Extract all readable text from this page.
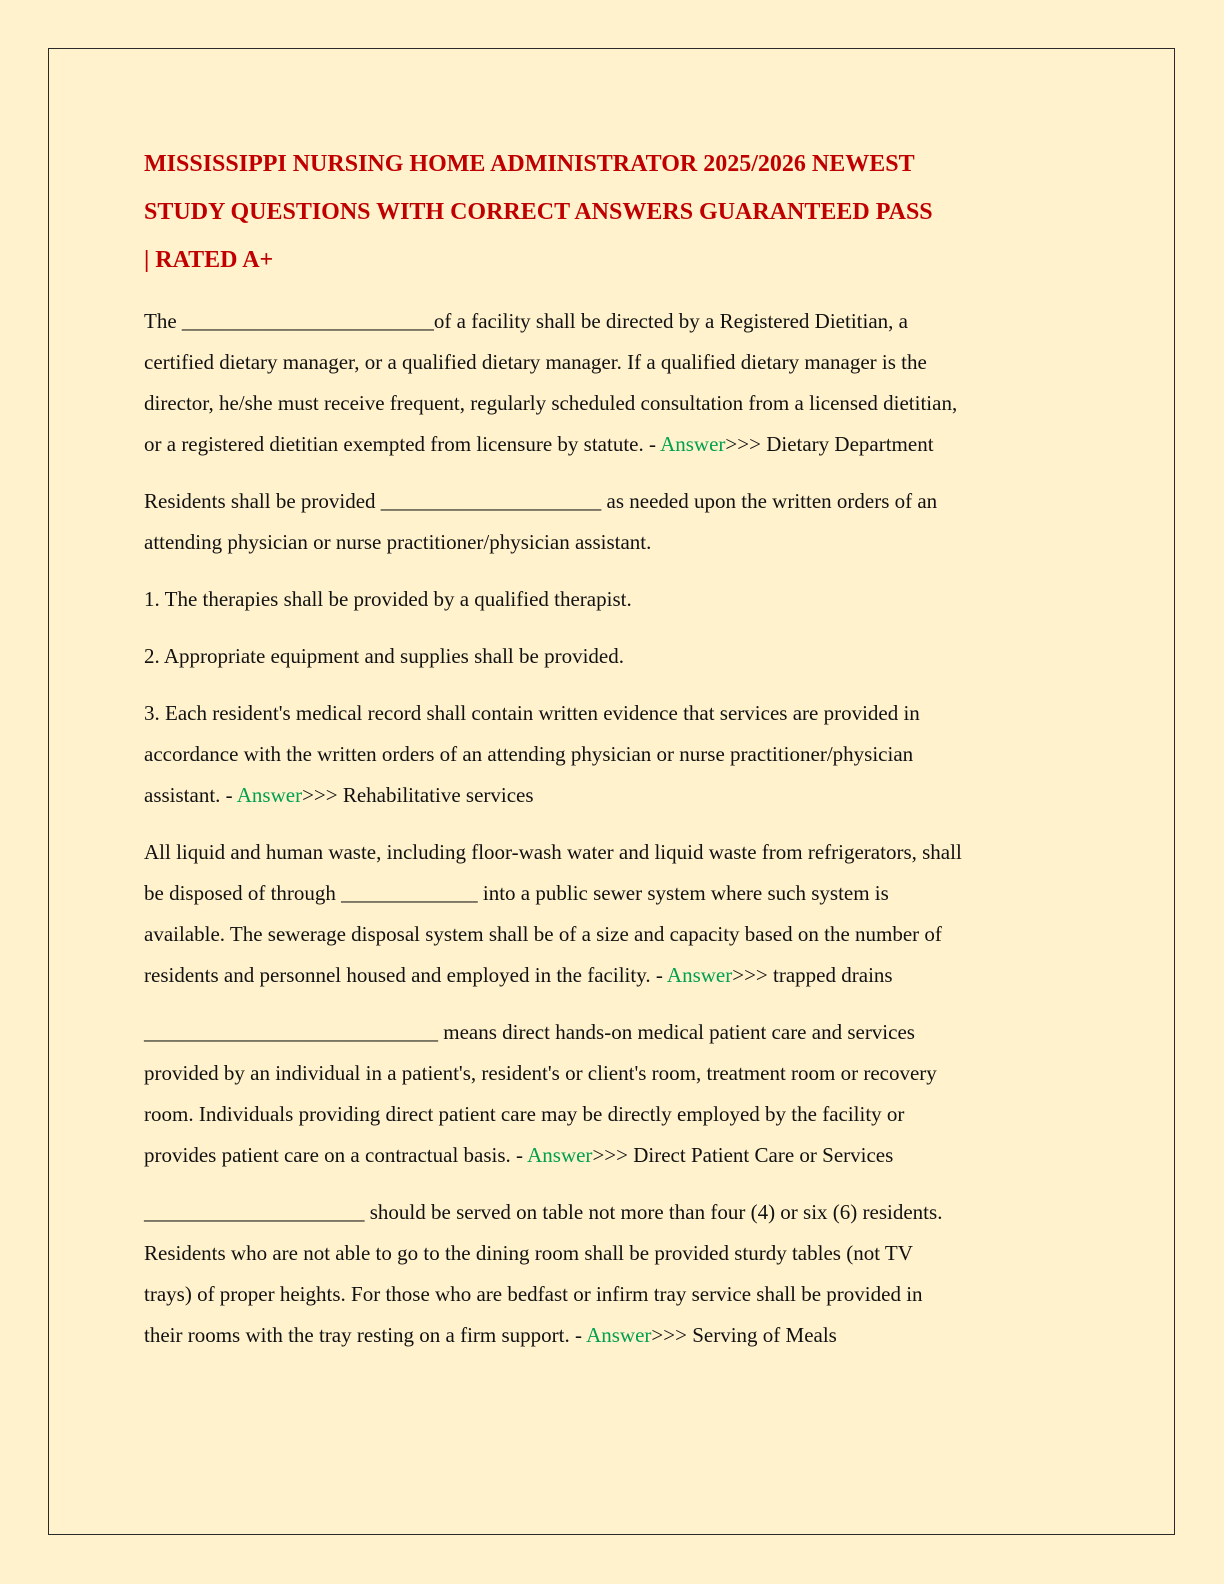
MISSISSIPPI NURSING HOME ADMINISTRATOR 2025/2026 NEWEST
STUDY QUESTIONS WITH CORRECT ANSWERS GUARANTEED PASS
| RATED A+

The ________________________of a facility shall be directed by a Registered Dietitian, a
certified dietary manager, or a qualified dietary manager. If a qualified dietary manager is the
director, he/she must receive frequent, regularly scheduled consultation from a licensed dietitian,
or a registered dietitian exempted from licensure by statute. - Answer>>> Dietary Department

Residents shall be provided _____________________ as needed upon the written orders of an
attending physician or nurse practitioner/physician assistant.

1. The therapies shall be provided by a qualified therapist.

2. Appropriate equipment and supplies shall be provided.

3. Each resident's medical record shall contain written evidence that services are provided in
accordance with the written orders of an attending physician or nurse practitioner/physician
assistant. - Answer>>> Rehabilitative services

All liquid and human waste, including floor-wash water and liquid waste from refrigerators, shall
be disposed of through _____________ into a public sewer system where such system is
available. The sewerage disposal system shall be of a size and capacity based on the number of
residents and personnel housed and employed in the facility. - Answer>>> trapped drains

____________________________ means direct hands-on medical patient care and services
provided by an individual in a patient's, resident's or client's room, treatment room or recovery
room. Individuals providing direct patient care may be directly employed by the facility or
provides patient care on a contractual basis. - Answer>>> Direct Patient Care or Services

_____________________ should be served on table not more than four (4) or six (6) residents.
Residents who are not able to go to the dining room shall be provided sturdy tables (not TV
trays) of proper heights. For those who are bedfast or infirm tray service shall be provided in
their rooms with the tray resting on a firm support. - Answer>>> Serving of Meals
